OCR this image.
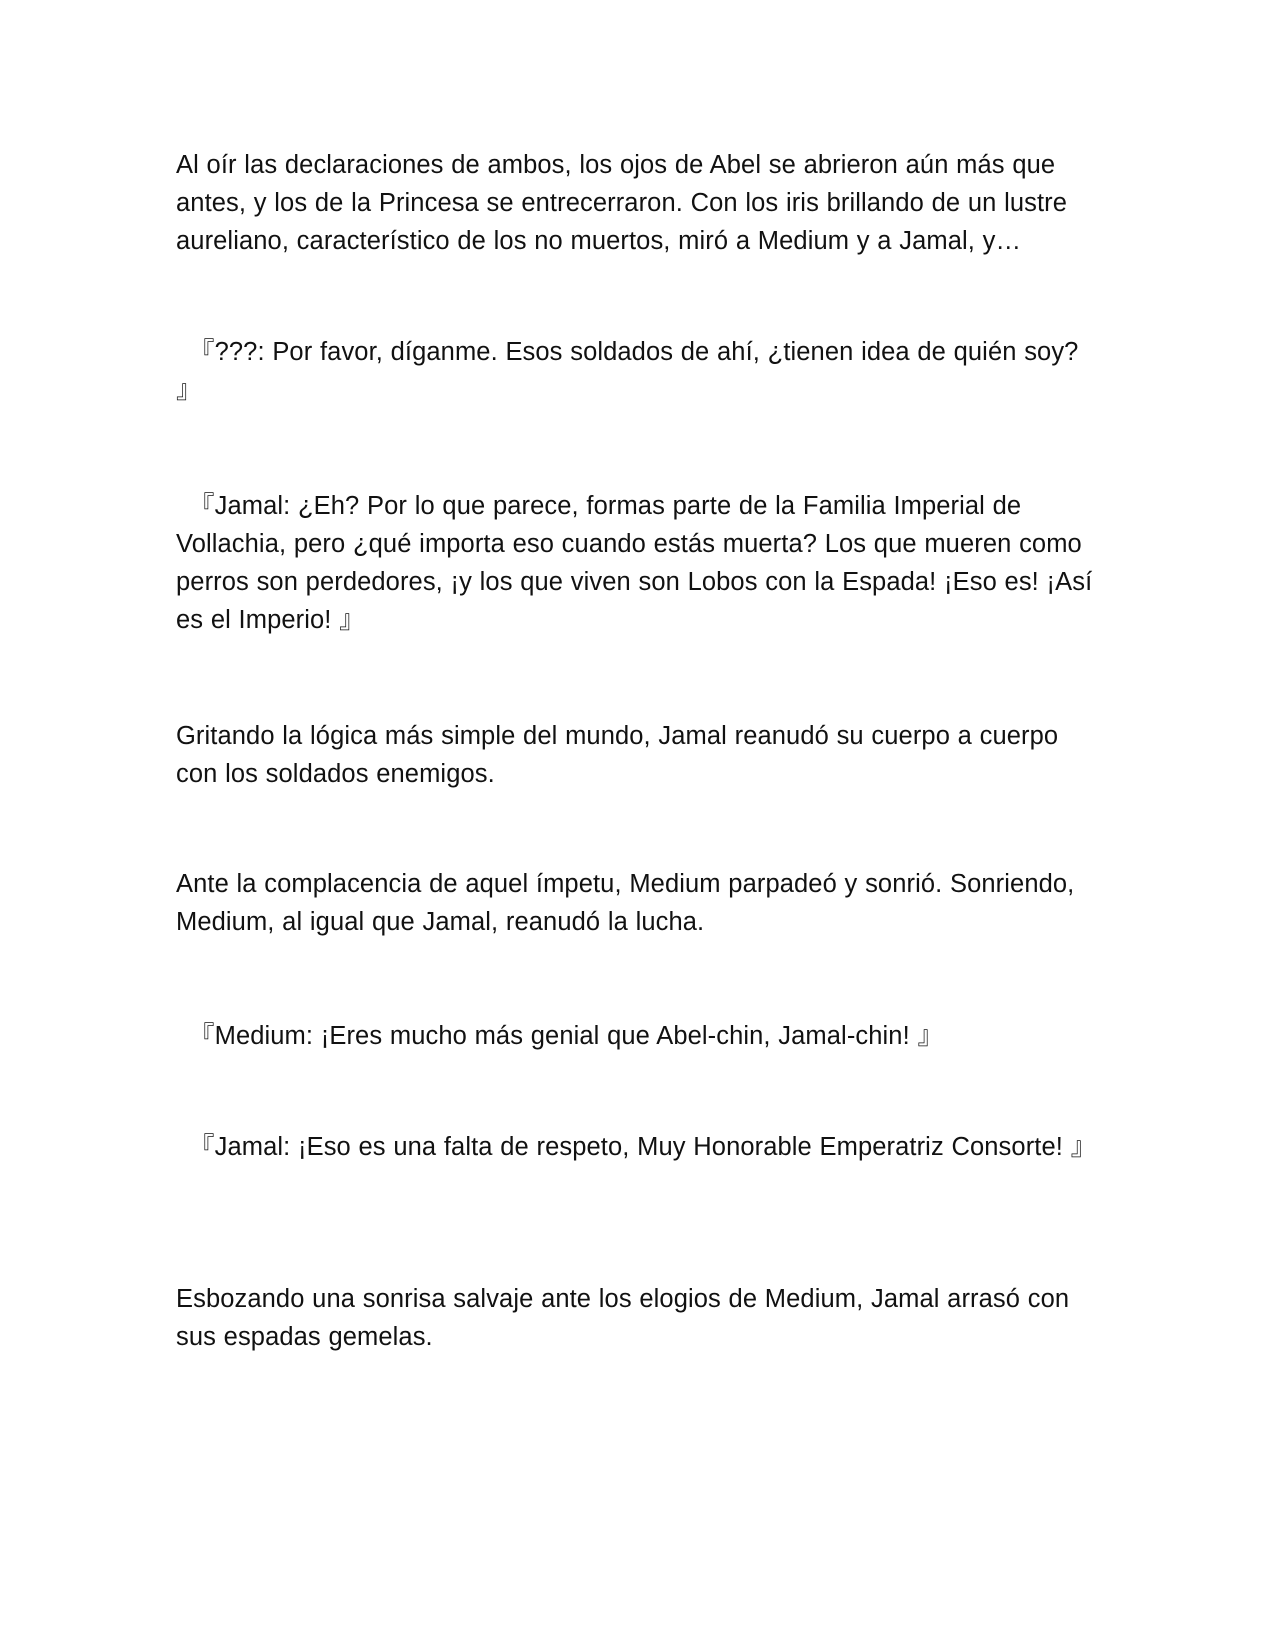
Al oír las declaraciones de ambos, los ojos de Abel se abrieron aún más que antes, y los de la Princesa se entrecerraron. Con los iris brillando de un lustre aureliano, característico de los no muertos, miró a Medium y a Jamal, y…

『???: Por favor, díganme. Esos soldados de ahí, ¿tienen idea de quién soy? 』

『Jamal: ¿Eh? Por lo que parece, formas parte de la Familia Imperial de Vollachia, pero ¿qué importa eso cuando estás muerta? Los que mueren como perros son perdedores, ¡y los que viven son Lobos con la Espada! ¡Eso es! ¡Así es el Imperio! 』

Gritando la lógica más simple del mundo, Jamal reanudó su cuerpo a cuerpo con los soldados enemigos.

Ante la complacencia de aquel ímpetu, Medium parpadeó y sonrió. Sonriendo, Medium, al igual que Jamal, reanudó la lucha.

『Medium: ¡Eres mucho más genial que Abel-chin, Jamal-chin! 』

『Jamal: ¡Eso es una falta de respeto, Muy Honorable Emperatriz Consorte! 』

Esbozando una sonrisa salvaje ante los elogios de Medium, Jamal arrasó con sus espadas gemelas.
